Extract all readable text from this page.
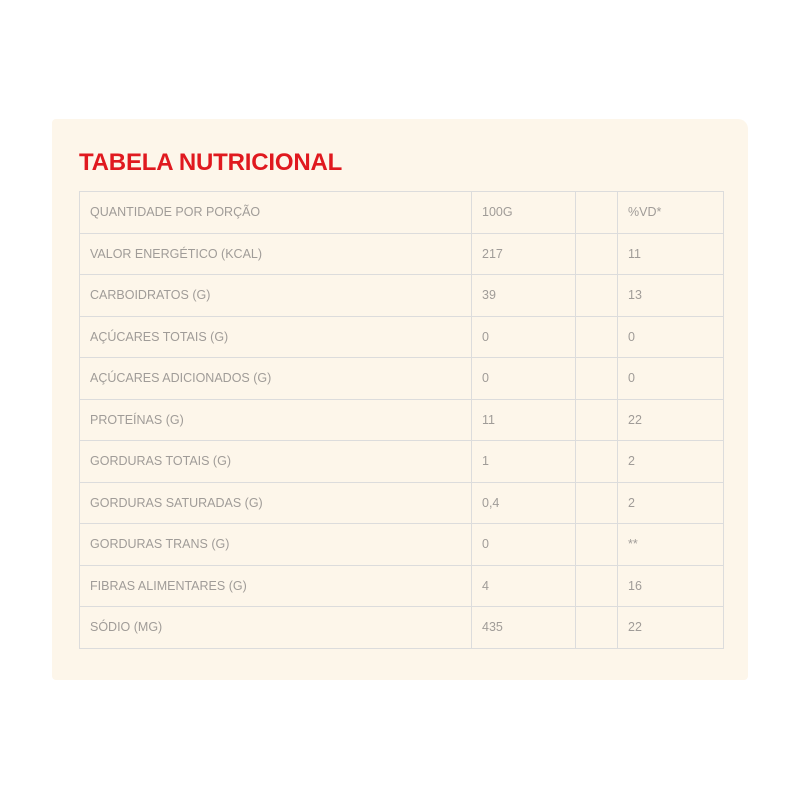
TABELA NUTRICIONAL
QUANTIDADE POR PORÇÃO	100G		%VD*
VALOR ENERGÉTICO (KCAL)	217		11
CARBOIDRATOS (G)	39		13
AÇÚCARES TOTAIS (G)	0		0
AÇÚCARES ADICIONADOS (G)	0		0
PROTEÍNAS (G)	11		22
GORDURAS TOTAIS (G)	1		2
GORDURAS SATURADAS (G)	0,4		2
GORDURAS TRANS (G)	0		**
FIBRAS ALIMENTARES (G)	4		16
SÓDIO (MG)	435		22
